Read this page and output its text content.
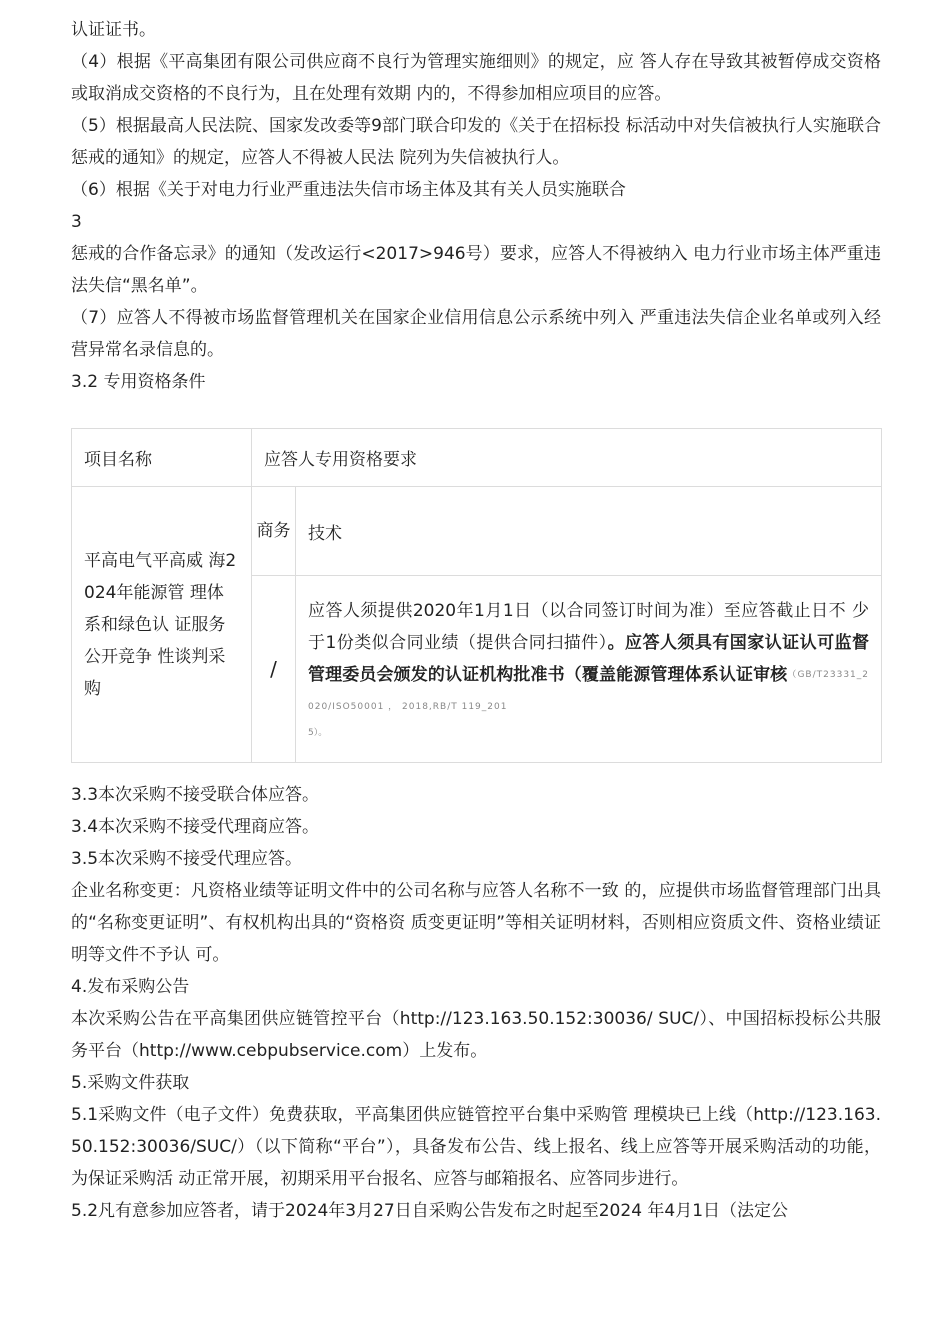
认证证书。

（4）根据《平高集团有限公司供应商不良行为管理实施细则》的规定，应 答人存在导致其被暂停成交资格或取消成交资格的不良行为，且在处理有效期 内的，不得参加相应项目的应答。

（5）根据最高人民法院、国家发改委等9部门联合印发的《关于在招标投 标活动中对失信被执行人实施联合惩戒的通知》的规定，应答人不得被人民法 院列为失信被执行人。

（6）根据《关于对电力行业严重违法失信市场主体及其有关人员实施联合

3

惩戒的合作备忘录》的通知（发改运行<2017>946号）要求，应答人不得被纳入 电力行业市场主体严重违法失信“黑名单”。

（7）应答人不得被市场监督管理机关在国家企业信用信息公示系统中列入 严重违法失信企业名单或列入经营异常名录信息的。

3.2 专用资格条件

项目名称	应答人专用资格要求	
平高电气平高威 海2024年能源管 理体系和绿色认 证服务公开竞争 性谈判采购	商务	技术
	/	应答人须提供2020年1月1日（以合同签订时间为准）至应答截止日不 少于1份类似合同业绩（提供合同扫描件）。应答人须具有国家认证认可监督管理委员会颁发的认证机构批准书（覆盖能源管理体系认证审核（GB/T23331_2020/ISO50001 ， 2018,RB/T 119_201
5）。

3.3本次采购不接受联合体应答。

3.4本次采购不接受代理商应答。

3.5本次采购不接受代理应答。

企业名称变更：凡资格业绩等证明文件中的公司名称与应答人名称不一致 的，应提供市场监督管理部门出具的“名称变更证明”、有权机构出具的“资格资 质变更证明”等相关证明材料，否则相应资质文件、资格业绩证明等文件不予认 可。

4.发布采购公告

本次采购公告在平高集团供应链管控平台（http://123.163.50.152:30036/ SUC/）、中国招标投标公共服务平台（http://www.cebpubservice.com）上发布。

5.采购文件获取

5.1采购文件（电子文件）免费获取，平高集团供应链管控平台集中采购管 理模块已上线（http://123.163.50.152:30036/SUC/）（以下简称“平台”），具备发布公告、线上报名、线上应答等开展采购活动的功能，为保证采购活 动正常开展，初期采用平台报名、应答与邮箱报名、应答同步进行。

5.2凡有意参加应答者，请于2024年3月27日自采购公告发布之时起至2024 年4月1日（法定公
